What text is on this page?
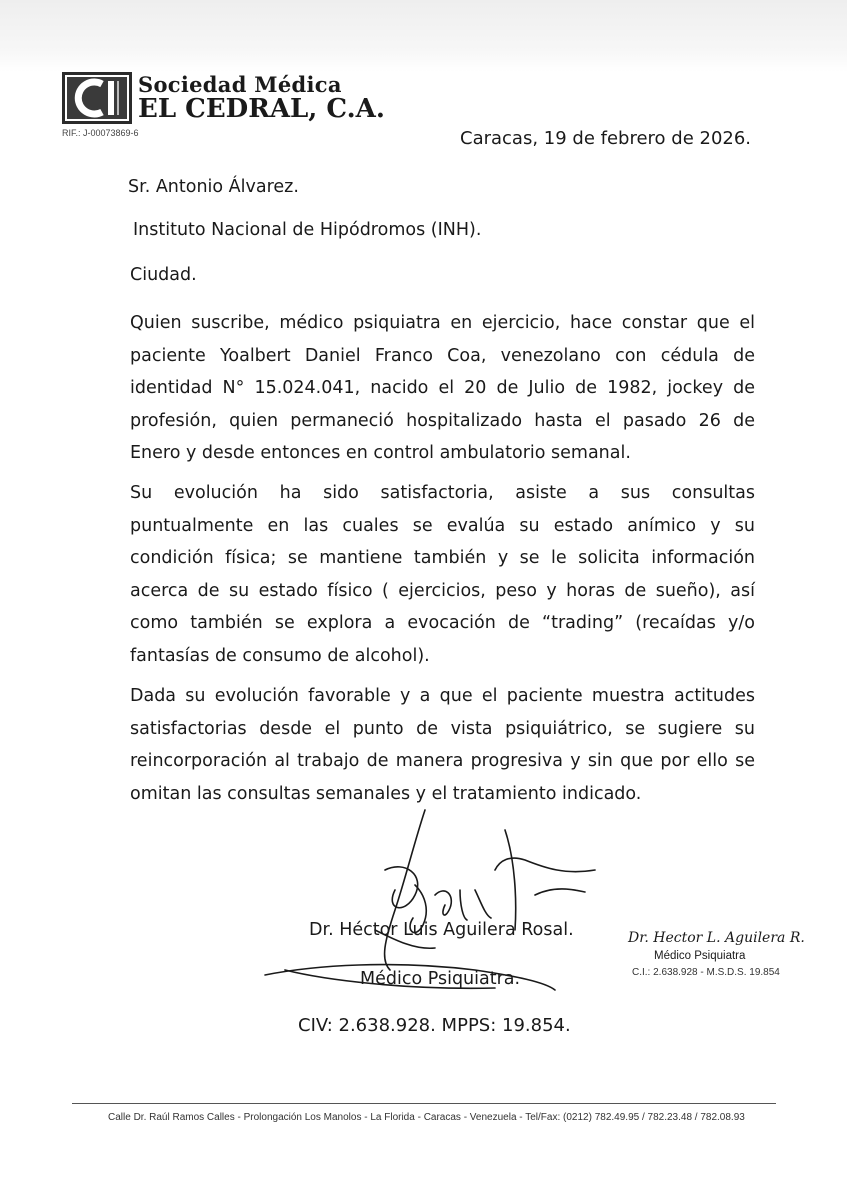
Sociedad Médica
EL CEDRAL, C.A.
RIF.: J-00073869-6	Caracas, 19 de febrero de 2026.
Sr. Antonio Álvarez.
Instituto Nacional de Hipódromos (INH).
Ciudad.
Quien suscribe, médico psiquiatra en ejercicio, hace constar que el paciente Yoalbert Daniel Franco Coa, venezolano con cédula de identidad N° 15.024.041, nacido el 20 de Julio de 1982, jockey de profesión, quien permaneció hospitalizado hasta el pasado 26 de Enero y desde entonces en control ambulatorio semanal.
Su evolución ha sido satisfactoria, asiste a sus consultas puntualmente en las cuales se evalúa su estado anímico y su condición física; se mantiene también y se le solicita información acerca de su estado físico ( ejercicios, peso y horas de sueño), así como también se explora a evocación de “trading” (recaídas y/o fantasías de consumo de alcohol).
Dada su evolución favorable y a que el paciente muestra actitudes satisfactorias desde el punto de vista psiquiátrico, se sugiere su reincorporación al trabajo de manera progresiva y sin que por ello se omitan las consultas semanales y el tratamiento indicado.
Dr. Héctor Luis Aguilera Rosal.
Médico Psiquiatra.
CIV: 2.638.928. MPPS: 19.854.
Dr. Hector L. Aguilera R.
Médico Psiquiatra
C.I.: 2.638.928 - M.S.D.S. 19.854
Calle Dr. Raúl Ramos Calles - Prolongación Los Manolos - La Florida - Caracas - Venezuela - Tel/Fax: (0212) 782.49.95 / 782.23.48 / 782.08.93
